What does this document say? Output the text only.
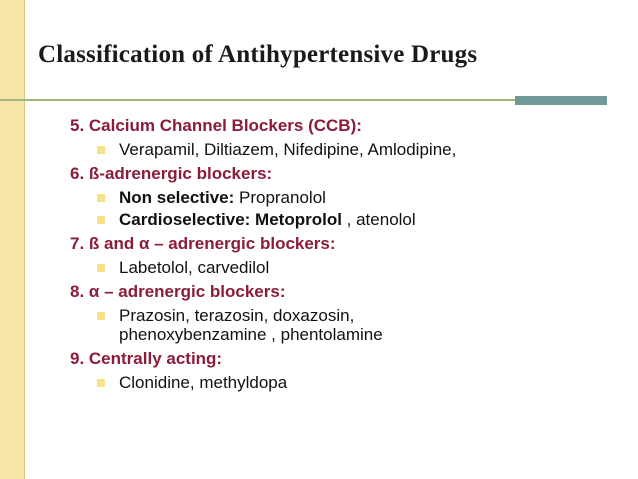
Classification of Antihypertensive Drugs
5. Calcium Channel Blockers (CCB):
Verapamil, Diltiazem, Nifedipine, Amlodipine,
6. ß-adrenergic blockers:
Non selective: Propranolol
Cardioselective: Metoprolol , atenolol
7. ß and α – adrenergic blockers:
Labetolol, carvedilol
8. α – adrenergic blockers:
Prazosin, terazosin, doxazosin,
phenoxybenzamine , phentolamine
9. Centrally acting:
Clonidine, methyldopa
